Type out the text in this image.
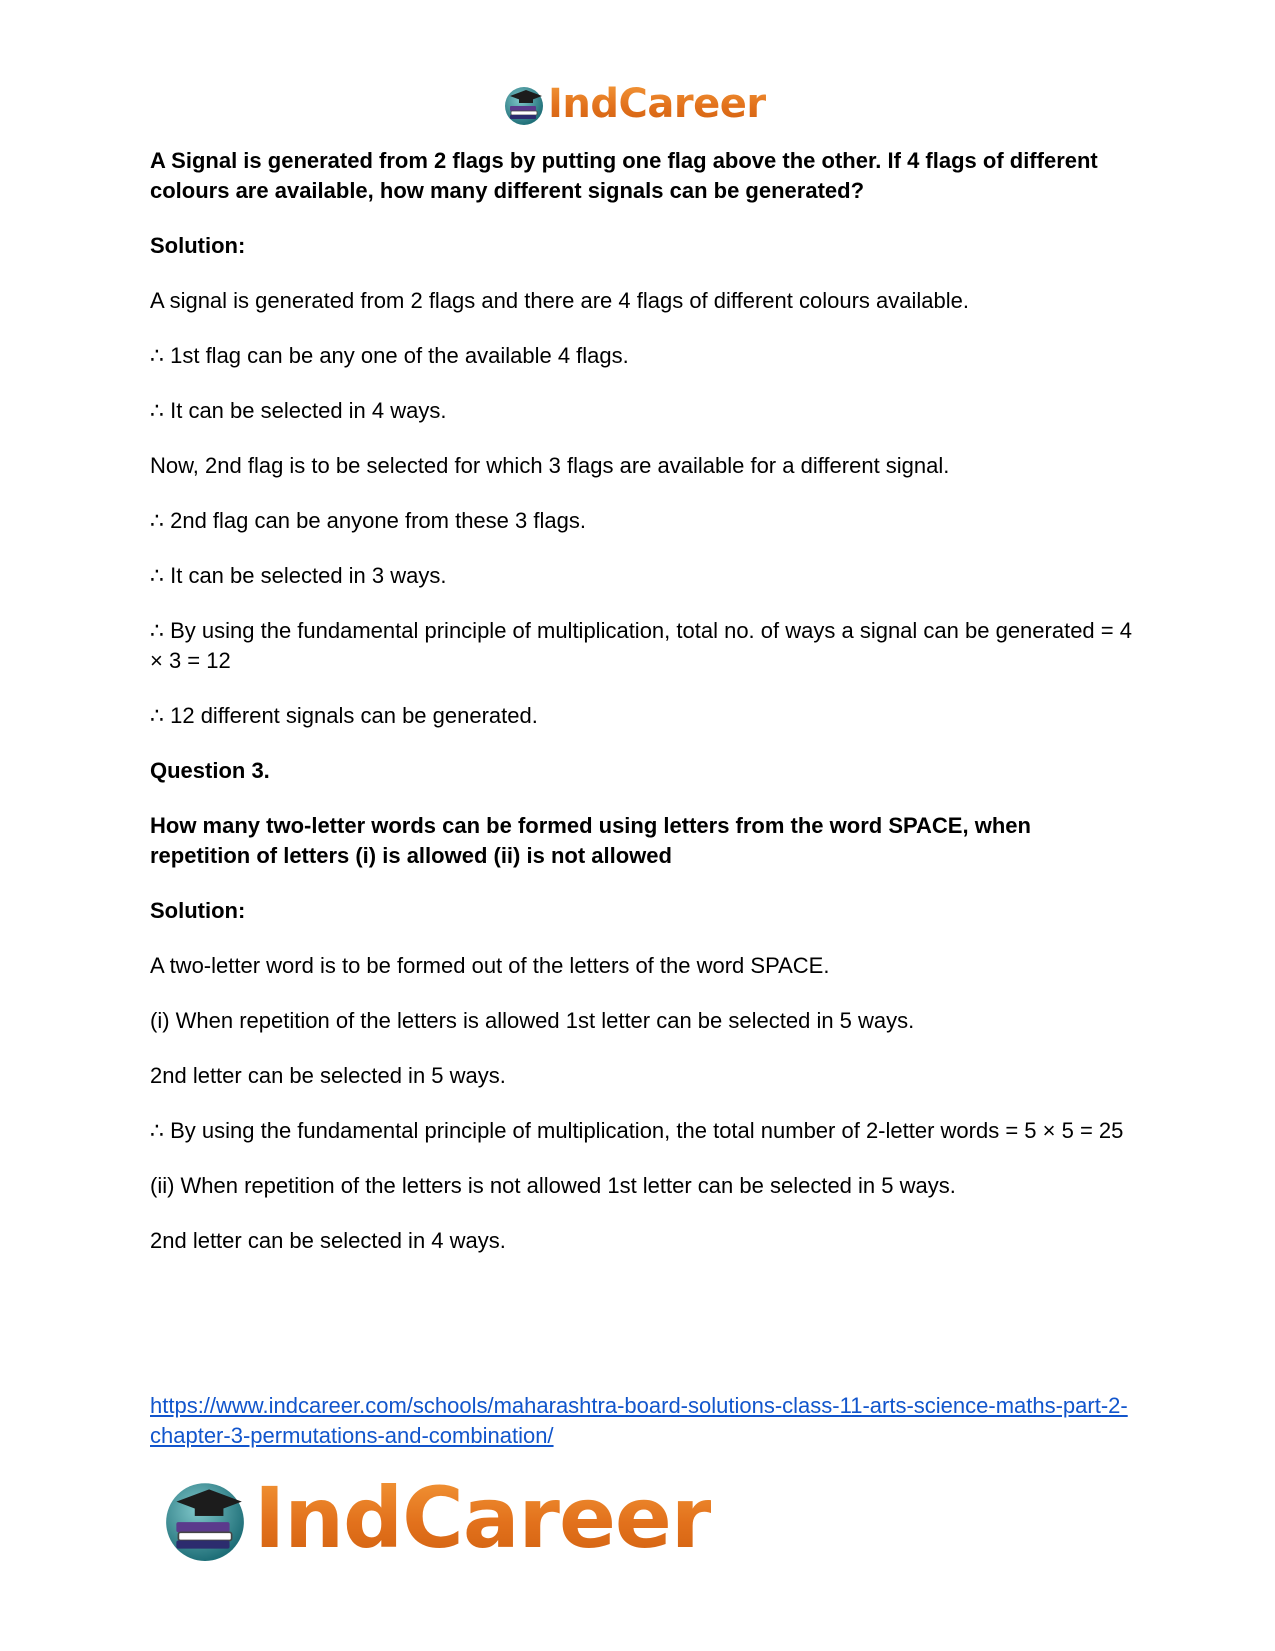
IndCareer

A Signal is generated from 2 flags by putting one flag above the other. If 4 flags of different colours are available, how many different signals can be generated?

Solution:

A signal is generated from 2 flags and there are 4 flags of different colours available.

∴ 1st flag can be any one of the available 4 flags.

∴ It can be selected in 4 ways.

Now, 2nd flag is to be selected for which 3 flags are available for a different signal.

∴ 2nd flag can be anyone from these 3 flags.

∴ It can be selected in 3 ways.

∴ By using the fundamental principle of multiplication, total no. of ways a signal can be generated = 4 × 3 = 12

∴ 12 different signals can be generated.

Question 3.

How many two-letter words can be formed using letters from the word SPACE, when repetition of letters (i) is allowed (ii) is not allowed

Solution:

A two-letter word is to be formed out of the letters of the word SPACE.

(i) When repetition of the letters is allowed 1st letter can be selected in 5 ways.

2nd letter can be selected in 5 ways.

∴ By using the fundamental principle of multiplication, the total number of 2-letter words = 5 × 5 = 25

(ii) When repetition of the letters is not allowed 1st letter can be selected in 5 ways.

2nd letter can be selected in 4 ways.

https://www.indcareer.com/schools/maharashtra-board-solutions-class-11-arts-science-maths-part-2-chapter-3-permutations-and-combination/
IndCareer
